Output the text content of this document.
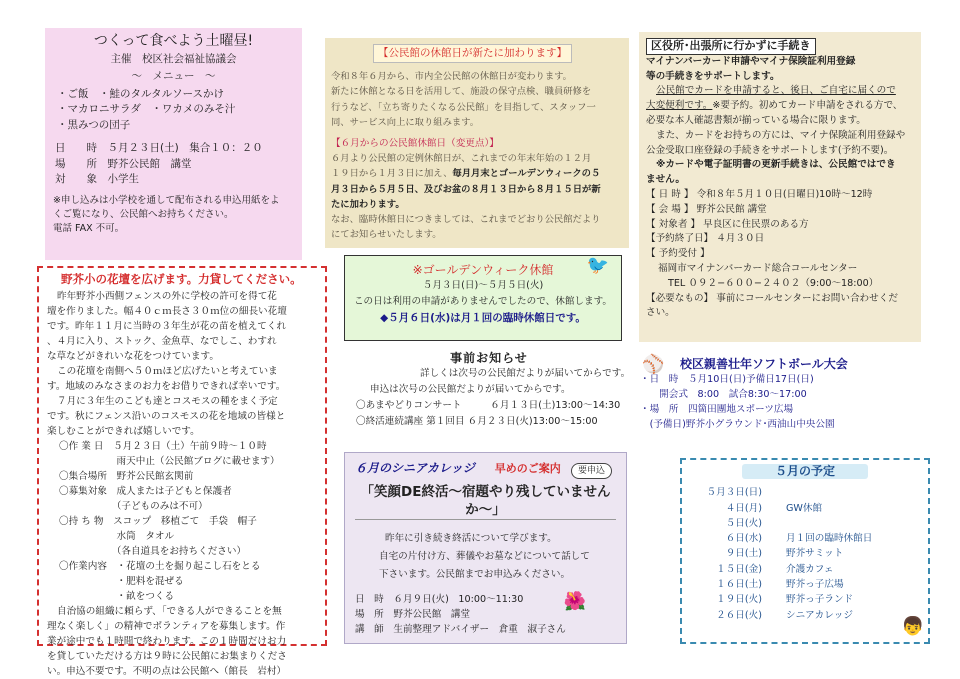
つくって食べよう土曜昼!
主催　校区社会福祉協議会
〜　メニュー　〜
・ご飯　・鮭のタルタルソースかけ
・マカロニサラダ　・ワカメのみそ汁
・黒みつの団子
日　　時　５月２３日(土)　集合１０：２０
場　　所　野芥公民館　講堂
対　　象　小学生
※申し込みは小学校を通して配布される申込用紙をよ
くご覧になり、公民館へお持ちください。
電話 FAX 不可。
【公民館の休館日が新たに加わります】
令和８年６月から、市内全公民館の休館日が変わります。
新たに休館となる日を活用して、施設の保守点検、職員研修を
行うなど、「立ち寄りたくなる公民館」を目指して、スタッフ一
同、サービス向上に取り組みます。
【６月からの公民館休館日（変更点）】
６月より公民館の定例休館日が、これまでの年末年始の１２月
１９日から１月３日に加え、毎月月末とゴールデンウィークの５
月３日から５月５日、及びお盆の８月１３日から８月１５日が新
たに加わります。
なお、臨時休館日につきましては、これまでどおり公民館だより
にてお知らせいたします。
区役所･出張所に行かずに手続き
マイナンバーカード申請やマイナ保険証利用登録
等の手続きをサポートします。
公民館でカードを申請すると、後日、ご自宅に届くので
大変便利です。※要予約。初めてカード申請をされる方で、
必要な本人確認書類が揃っている場合に限ります。
また、カードをお持ちの方には、マイナ保険証利用登録や
公金受取口座登録の手続きをサポートします(予約不要)。
※カードや電子証明書の更新手続きは、公民館ではでき
ません。
【 日 時 】 令和８年５月１０日(日曜日)10時〜12時
【 会 場 】 野芥公民館 講堂
【 対象者 】 早良区に住民票のある方
【予約終了日】 ４月３０日
【 予約受付 】
福岡市マイナンバーカード総合コールセンター
TEL ０９２−６００−２４０２（9:00〜18:00）
【必要なもの】 事前にコールセンターにお問い合わせくだ
さい。
野芥小の花壇を広げます。力貸してください。
昨年野芥小西側フェンスの外に学校の許可を得て花
壇を作りました。幅４０ｃｍ長さ３０ｍ位の細長い花壇
です。昨年１１月に当時の３年生が花の苗を植えてくれ
、４月に入り、ストック、金魚草、なでしこ、わすれ
な草などがきれいな花をつけています。
この花壇を南側へ５０ｍほど広げたいと考えていま
す。地域のみなさまのお力をお借りできれば幸いです。
７月に３年生のこども達とコスモスの種をまく予定
です。秋にフェンス沿いのコスモスの花を地域の皆様と
楽しむことができれば嬉しいです。
〇作 業 日　５月２３日（土）午前９時〜１０時
　　　　　　雨天中止（公民館ブログに載せます）
〇集合場所　野芥公民館玄関前
〇募集対象　成人または子どもと保護者
　　　　　　（子どものみは不可）
〇持 ち 物　スコップ　移植ごて　手袋　帽子
　　　　　　水筒　タオル
　　　　　　（各自道具をお持ちください）
〇作業内容　・花壇の土を掘り起こし石をとる
　　　　　　・肥料を混ぜる
　　　　　　・畝をつくる
自治協の組織に頼らず、「できる人ができることを無
理なく楽しく」の精神でボランティアを募集します。作
業が途中でも１時間で終わります。この１時間だけお力
を貸していただける方は９時に公民館にお集まりくださ
い。申込不要です。不明の点は公民館へ（館長　岩村）
※ゴールデンウィーク休館
５月３日(日)〜５月５日(火)
この日は利用の申請がありませんでしたので、休館します。
◆５月６日(水)は月１回の臨時休館日です。
🐦
事前お知らせ
詳しくは次号の公民館だよりが届いてからです。
申込は次号の公民館だよりが届いてからです。
〇あまやどりコンサート　　　６月１３日(土)13:00〜14:30
〇終活連続講座 第１回目 ６月２３日(火)13:00〜15:00
６月のシニアカレッジ 早めのご案内	要申込
「笑顔DE終活〜宿題やり残していませんか〜」
昨年に引き続き終活について学びます。
自宅の片付け方、葬儀やお墓などについて話して
下さいます。公民館までお申込みください。
日　時　６月９日(火)　10:00〜11:30
場　所　野芥公民館　講堂
講　師　生前整理アドバイザー　倉重　淑子さん
🌺
⚾	校区親善壮年ソフトボール大会
・日　時　５月10日(日)予備日17日(日)
　　開会式　8:00　試合8:30〜17:00
・場　所　四箇田團地スポーツ広場
　(予備日)野芥小グラウンド･西油山中央公園
５月の予定
５月３日(日)
４日(月)	GW休館
５日(火)
６日(水)	月１回の臨時休館日
９日(土)	野芥サミット
１５日(金)	介護カフェ
１６日(土)	野芥っ子広場
１９日(火)	野芥っ子ランド
２６日(火)	シニアカレッジ
👦
